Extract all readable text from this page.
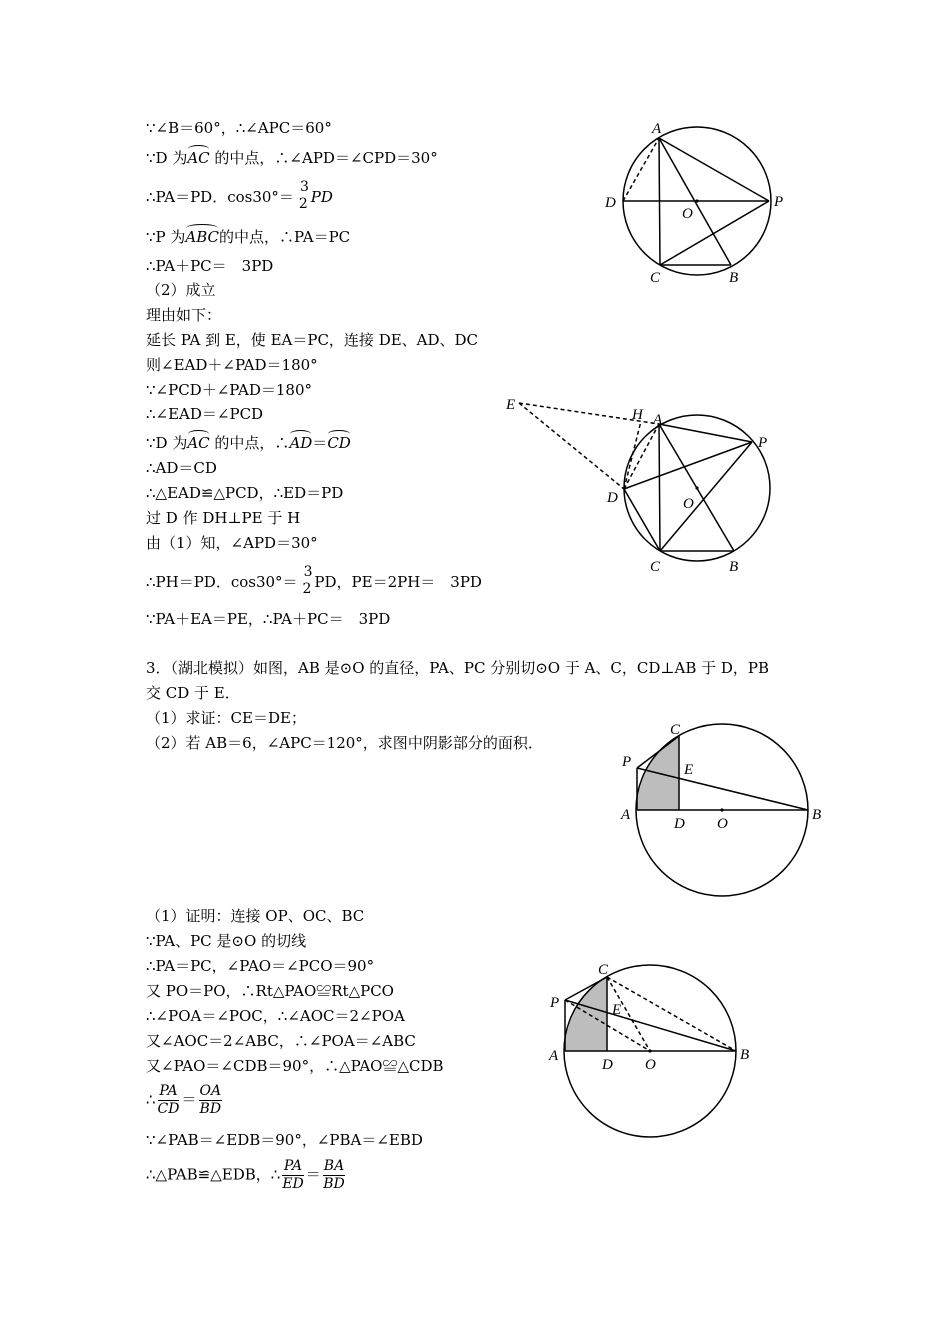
∵∠B＝60°，∴∠APC＝60°
∵D 为AC 的中点，∴∠APD＝∠CPD＝30°
∴PA＝PD．cos30°＝32 PD
∵P 为ABC的中点，∴PA＝PC
∴PA＋PC＝　3PD
（2）成立
理由如下：
延长 PA 到 E，使 EA＝PC，连接 DE、AD、DC
则∠EAD＋∠PAD＝180°
∵∠PCD＋∠PAD＝180°
∴∠EAD＝∠PCD
∵D 为AC 的中点，∴AD＝CD
∴AD＝CD
∴△EAD≌△PCD，∴ED＝PD
过 D 作 DH⊥PE 于 H
由（1）知，∠APD＝30°
∴PH＝PD．cos30°＝32 PD，PE＝2PH＝　3PD
∵PA＋EA＝PE，∴PA＋PC＝　3PD
3．（湖北模拟）如图，AB 是⊙O 的直径，PA、PC 分别切⊙O 于 A、C，CD⊥AB 于 D，PB
交 CD 于 E．
（1）求证：CE＝DE；
（2）若 AB＝6，∠APC＝120°，求图中阴影部分的面积．
（1）证明：连接 OP、OC、BC
∵PA、PC 是⊙O 的切线
∴PA＝PC，∠PAO＝∠PCO＝90°
又 PO＝PO，∴Rt△PAO≌Rt△PCO
∴∠POA＝∠POC，∴∠AOC＝2∠POA
又∠AOC＝2∠ABC，∴∠POA＝∠ABC
又∠PAO＝∠CDB＝90°，∴△PAO≌△CDB
∴ $\frac{PA}{CD} = \frac{OA}{BD}$
∵∠PAB＝∠EDB＝90°，∠PBA＝∠EBD
∴△PAB≌△EDB，∴ $\frac{PA}{ED} = \frac{BA}{BD}$
A
P
D
O
C	B
E
H A
P
D	O
C	B
C
P	E
A
D O
B
C
P	E
A
D O
B
